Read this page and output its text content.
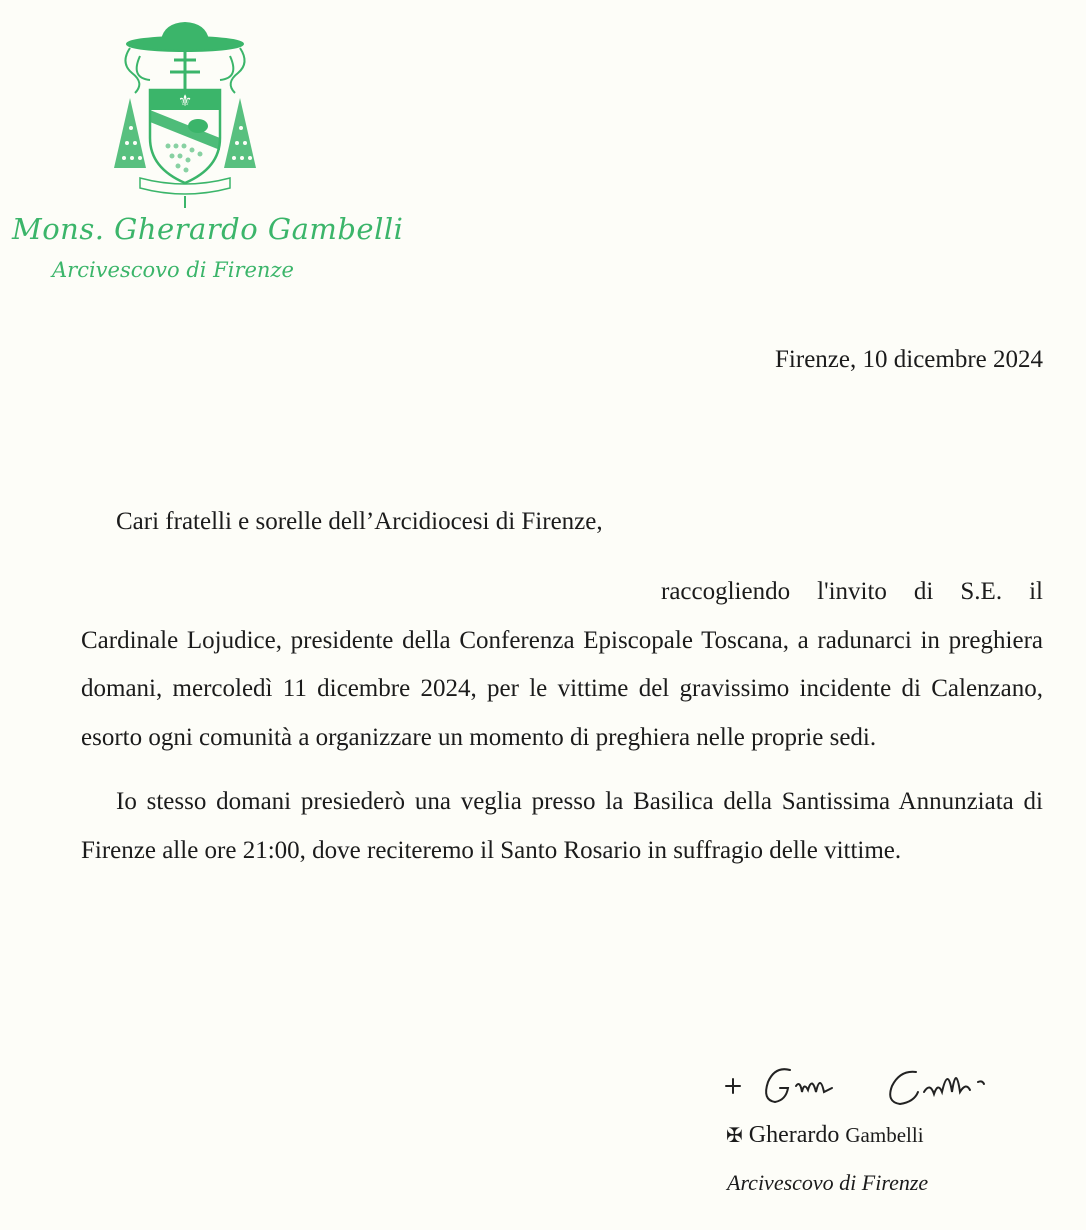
⚜
Mons. Gherardo Gambelli
Arcivescovo di Firenze
Firenze, 10 dicembre 2024
Cari fratelli e sorelle dell’Arcidiocesi di Firenze,

raccogliendo l'invito di S.E. il Cardinale Lojudice, presidente della Conferenza Episcopale Toscana, a radunarci in preghiera domani, mercoledì 11 dicembre 2024, per le vittime del gravissimo incidente di Calenzano, esorto ogni comunità a organizzare un momento di preghiera nelle proprie sedi.

Io stesso domani presiederò una veglia presso la Basilica della Santissima Annunziata di Firenze alle ore 21:00, dove reciteremo il Santo Rosario in suffragio delle vittime.

✠ Gherardo Gambelli
Arcivescovo di Firenze
